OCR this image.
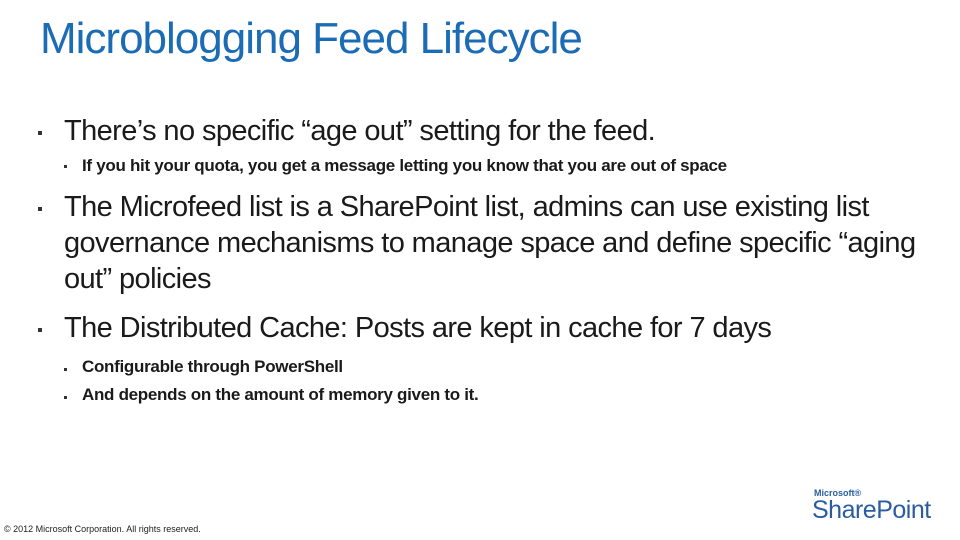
Microblogging Feed Lifecycle
There’s no specific “age out” setting for the feed.
If you hit your quota, you get a message letting you know that you are out of space
The Microfeed list is a SharePoint list, admins can use existing list governance mechanisms to manage space and define specific “aging out” policies
The Distributed Cache: Posts are kept in cache for 7 days
Configurable through PowerShell
And depends on the amount of memory given to it.
© 2012 Microsoft Corporation. All rights reserved.
Microsoft®
SharePoint
